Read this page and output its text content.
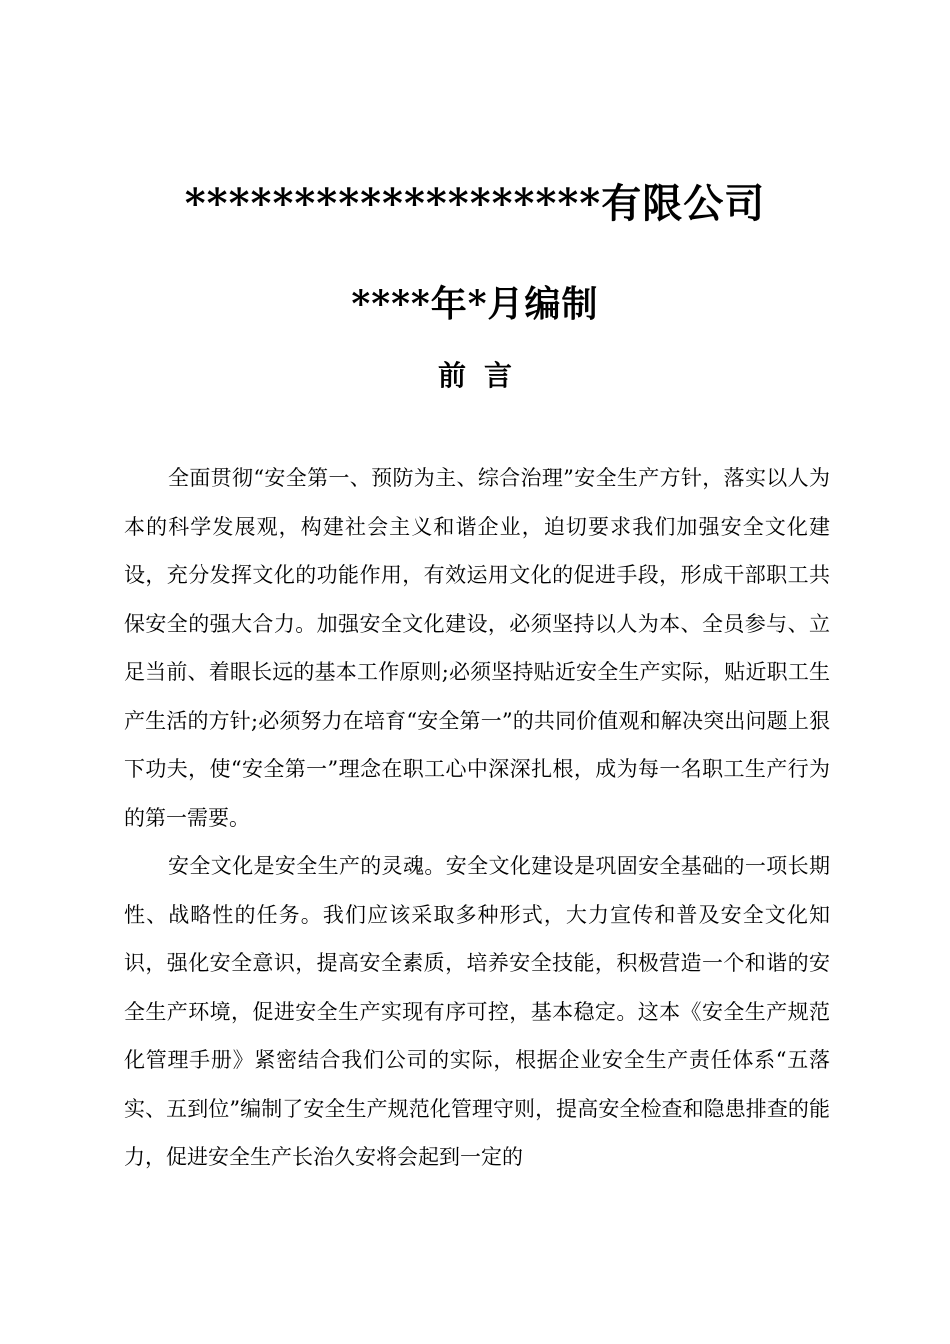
*******************有限公司
****年*月编制
前言

全面贯彻“安全第一、预防为主、综合治理”安全生产方针，落实以人为本的科学发展观，构建社会主义和谐企业，迫切要求我们加强安全文化建设，充分发挥文化的功能作用，有效运用文化的促进手段，形成干部职工共保安全的强大合力。加强安全文化建设，必须坚持以人为本、全员参与、立足当前、着眼长远的基本工作原则;必须坚持贴近安全生产实际，贴近职工生产生活的方针;必须努力在培育“安全第一”的共同价值观和解决突出问题上狠下功夫，使“安全第一”理念在职工心中深深扎根，成为每一名职工生产行为的第一需要。

安全文化是安全生产的灵魂。安全文化建设是巩固安全基础的一项长期性、战略性的任务。我们应该采取多种形式，大力宣传和普及安全文化知识，强化安全意识，提高安全素质，培养安全技能，积极营造一个和谐的安全生产环境，促进安全生产实现有序可控，基本稳定。这本《安全生产规范化管理手册》紧密结合我们公司的实际，根据企业安全生产责任体系“五落实、五到位”编制了安全生产规范化管理守则，提高安全检查和隐患排查的能力，促进安全生产长治久安将会起到一定的
